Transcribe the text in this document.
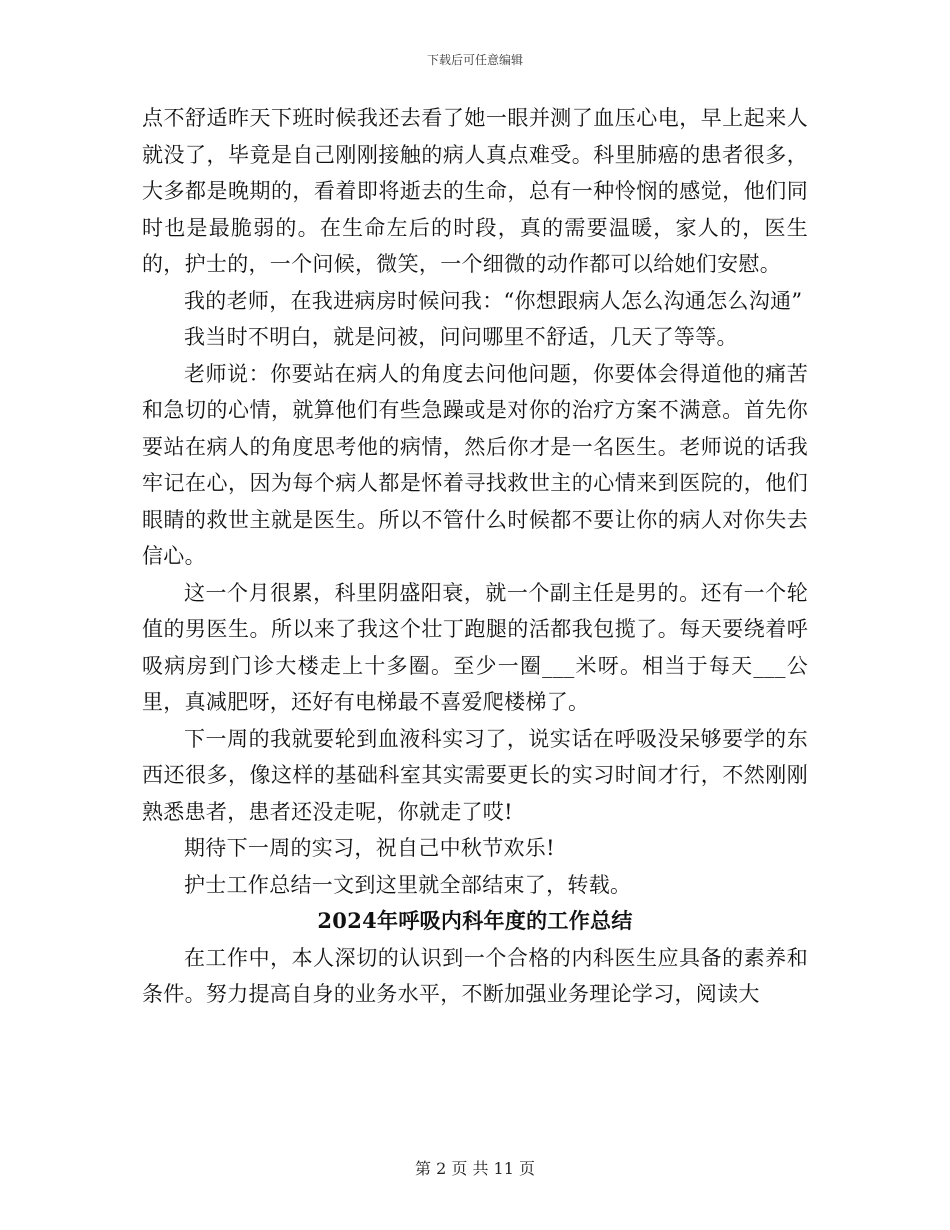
下载后可任意编辑

点不舒适昨天下班时候我还去看了她一眼并测了血压心电，早上起来人就没了，毕竟是自己刚刚接触的病人真点难受。科里肺癌的患者很多，大多都是晚期的，看着即将逝去的生命，总有一种怜悯的感觉，他们同时也是最脆弱的。在生命左后的时段，真的需要温暖，家人的，医生的，护士的，一个问候，微笑，一个细微的动作都可以给她们安慰。

我的老师，在我进病房时候问我：“你想跟病人怎么沟通怎么沟通”

我当时不明白，就是问被，问问哪里不舒适，几天了等等。

老师说：你要站在病人的角度去问他问题，你要体会得道他的痛苦和急切的心情，就算他们有些急躁或是对你的治疗方案不满意。首先你要站在病人的角度思考他的病情，然后你才是一名医生。老师说的话我牢记在心，因为每个病人都是怀着寻找救世主的心情来到医院的，他们眼睛的救世主就是医生。所以不管什么时候都不要让你的病人对你失去信心。

这一个月很累，科里阴盛阳衰，就一个副主任是男的。还有一个轮值的男医生。所以来了我这个壮丁跑腿的活都我包揽了。每天要绕着呼吸病房到门诊大楼走上十多圈。至少一圈___米呀。相当于每天___公里，真减肥呀，还好有电梯最不喜爱爬楼梯了。

下一周的我就要轮到血液科实习了，说实话在呼吸没呆够要学的东西还很多，像这样的基础科室其实需要更长的实习时间才行，不然刚刚熟悉患者，患者还没走呢，你就走了哎!

期待下一周的实习，祝自己中秋节欢乐!

护士工作总结一文到这里就全部结束了，转载。

2024年呼吸内科年度的工作总结

在工作中，本人深切的认识到一个合格的内科医生应具备的素养和条件。努力提高自身的业务水平，不断加强业务理论学习，阅读大

第 2 页 共 11 页
